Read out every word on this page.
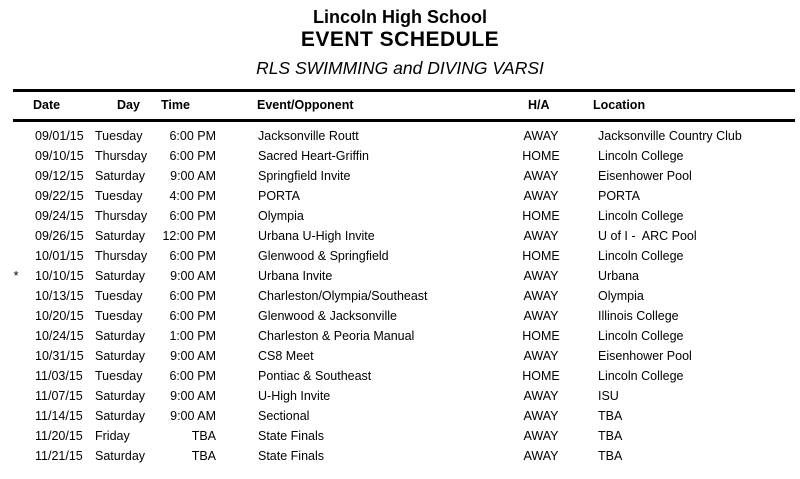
Lincoln High School
EVENT SCHEDULE
RLS SWIMMING and DIVING VARSI
Date	Day Time	Event/Opponent	H/A	Location
09/01/15 Tuesday	6:00 PM	Jacksonville Routt	AWAY	Jacksonville Country Club
09/10/15 Thursday	6:00 PM	Sacred Heart-Griffin	HOME	Lincoln College
09/12/15 Saturday	9:00 AM	Springfield Invite	AWAY	Eisenhower Pool
09/22/15 Tuesday	4:00 PM	PORTA	AWAY	PORTA
09/24/15 Thursday	6:00 PM	Olympia	HOME	Lincoln College
09/26/15 Saturday	12:00 PM	Urbana U-High Invite	AWAY	U of I -  ARC Pool
10/01/15 Thursday	6:00 PM	Glenwood & Springfield	HOME	Lincoln College
*	10/10/15 Saturday	9:00 AM	Urbana Invite	AWAY	Urbana
10/13/15 Tuesday	6:00 PM	Charleston/Olympia/Southeast	AWAY	Olympia
10/20/15 Tuesday	6:00 PM	Glenwood & Jacksonville	AWAY	Illinois College
10/24/15 Saturday	1:00 PM	Charleston & Peoria Manual	HOME	Lincoln College
10/31/15 Saturday	9:00 AM	CS8 Meet	AWAY	Eisenhower Pool
11/03/15 Tuesday	6:00 PM	Pontiac & Southeast	HOME	Lincoln College
11/07/15 Saturday	9:00 AM	U-High Invite	AWAY	ISU
11/14/15 Saturday	9:00 AM	Sectional	AWAY	TBA
11/20/15 Friday	TBA	State Finals	AWAY	TBA
11/21/15 Saturday	TBA	State Finals	AWAY	TBA
